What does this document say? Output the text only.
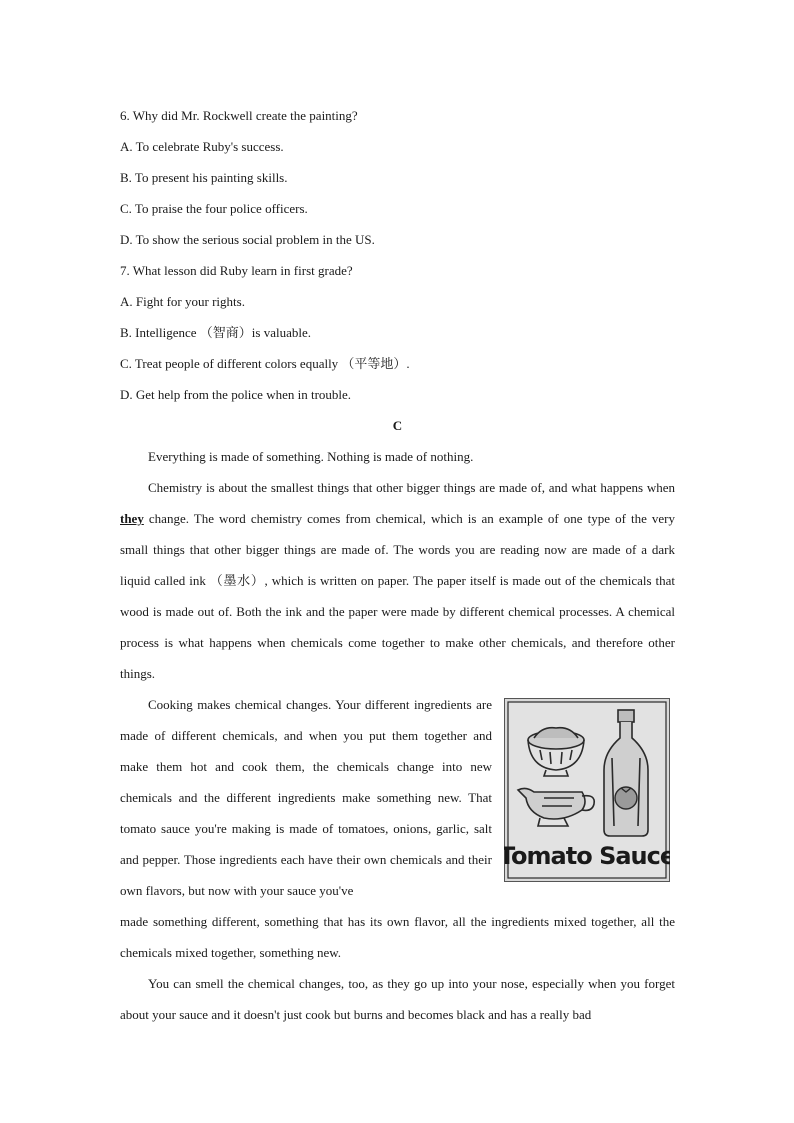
6. Why did Mr. Rockwell create the painting?
A. To celebrate Ruby's success.
B. To present his painting skills.
C. To praise the four police officers.
D. To show the serious social problem in the US.
7. What lesson did Ruby learn in first grade?
A. Fight for your rights.
B. Intelligence （智商）is valuable.
C. Treat people of different colors equally （平等地）.
D. Get help from the police when in trouble.
C

Everything is made of something. Nothing is made of nothing.

Chemistry is about the smallest things that other bigger things are made of, and what happens when they change. The word chemistry comes from chemical, which is an example of one type of the very small things that other bigger things are made of. The words you are reading now are made of a dark liquid called ink （墨水）, which is written on paper. The paper itself is made out of the chemicals that wood is made out of. Both the ink and the paper were made by different chemical processes. A chemical process is what happens when chemicals come together to make other chemicals, and therefore other things.

Cooking makes chemical changes. Your different ingredients are made of different chemicals, and when you put them together and make them hot and cook them, the chemicals change into new chemicals and the different ingredients make something new. That tomato sauce you're making is made of tomatoes, onions, garlic, salt and pepper. Those ingredients each have their own chemicals and their own flavors, but now with your sauce you've

made something different, something that has its own flavor, all the ingredients mixed together, all the chemicals mixed together, something new.

You can smell the chemical changes, too, as they go up into your nose, especially when you forget about your sauce and it doesn't just cook but burns and becomes black and has a really bad

Tomato Sauce
